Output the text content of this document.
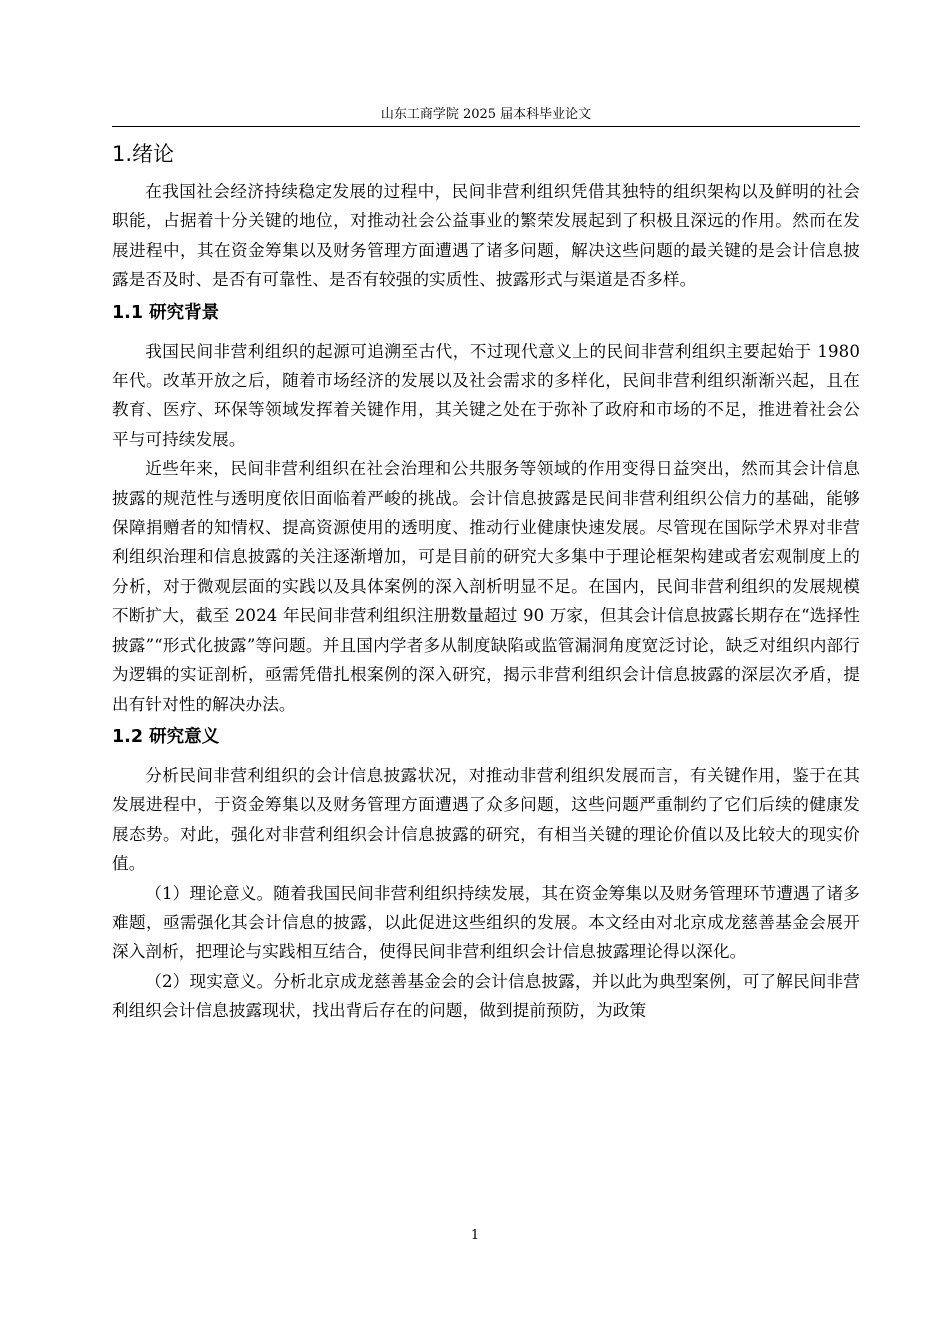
山东工商学院 2025 届本科毕业论文
1.绪论

在我国社会经济持续稳定发展的过程中，民间非营利组织凭借其独特的组织架构以及鲜明的社会职能，占据着十分关键的地位，对推动社会公益事业的繁荣发展起到了积极且深远的作用。然而在发展进程中，其在资金筹集以及财务管理方面遭遇了诸多问题，解决这些问题的最关键的是会计信息披露是否及时、是否有可靠性、是否有较强的实质性、披露形式与渠道是否多样。

1.1 研究背景

我国民间非营利组织的起源可追溯至古代，不过现代意义上的民间非营利组织主要起始于 1980 年代。改革开放之后，随着市场经济的发展以及社会需求的多样化，民间非营利组织渐渐兴起，且在教育、医疗、环保等领域发挥着关键作用，其关键之处在于弥补了政府和市场的不足，推进着社会公平与可持续发展。

近些年来，民间非营利组织在社会治理和公共服务等领域的作用变得日益突出，然而其会计信息披露的规范性与透明度依旧面临着严峻的挑战。会计信息披露是民间非营利组织公信力的基础，能够保障捐赠者的知情权、提高资源使用的透明度、推动行业健康快速发展。尽管现在国际学术界对非营利组织治理和信息披露的关注逐渐增加，可是目前的研究大多集中于理论框架构建或者宏观制度上的分析，对于微观层面的实践以及具体案例的深入剖析明显不足。在国内，民间非营利组织的发展规模不断扩大，截至 2024 年民间非营利组织注册数量超过 90 万家，但其会计信息披露长期存在“选择性披露”“形式化披露”等问题。并且国内学者多从制度缺陷或监管漏洞角度宽泛讨论，缺乏对组织内部行为逻辑的实证剖析，亟需凭借扎根案例的深入研究，揭示非营利组织会计信息披露的深层次矛盾，提出有针对性的解决办法。

1.2 研究意义

分析民间非营利组织的会计信息披露状况，对推动非营利组织发展而言，有关键作用，鉴于在其发展进程中，于资金筹集以及财务管理方面遭遇了众多问题，这些问题严重制约了它们后续的健康发展态势。对此，强化对非营利组织会计信息披露的研究，有相当关键的理论价值以及比较大的现实价值。

（1）理论意义。随着我国民间非营利组织持续发展，其在资金筹集以及财务管理环节遭遇了诸多难题，亟需强化其会计信息的披露，以此促进这些组织的发展。本文经由对北京成龙慈善基金会展开深入剖析，把理论与实践相互结合，使得民间非营利组织会计信息披露理论得以深化。

（2）现实意义。分析北京成龙慈善基金会的会计信息披露，并以此为典型案例，可了解民间非营利组织会计信息披露现状，找出背后存在的问题，做到提前预防，为政策

1
